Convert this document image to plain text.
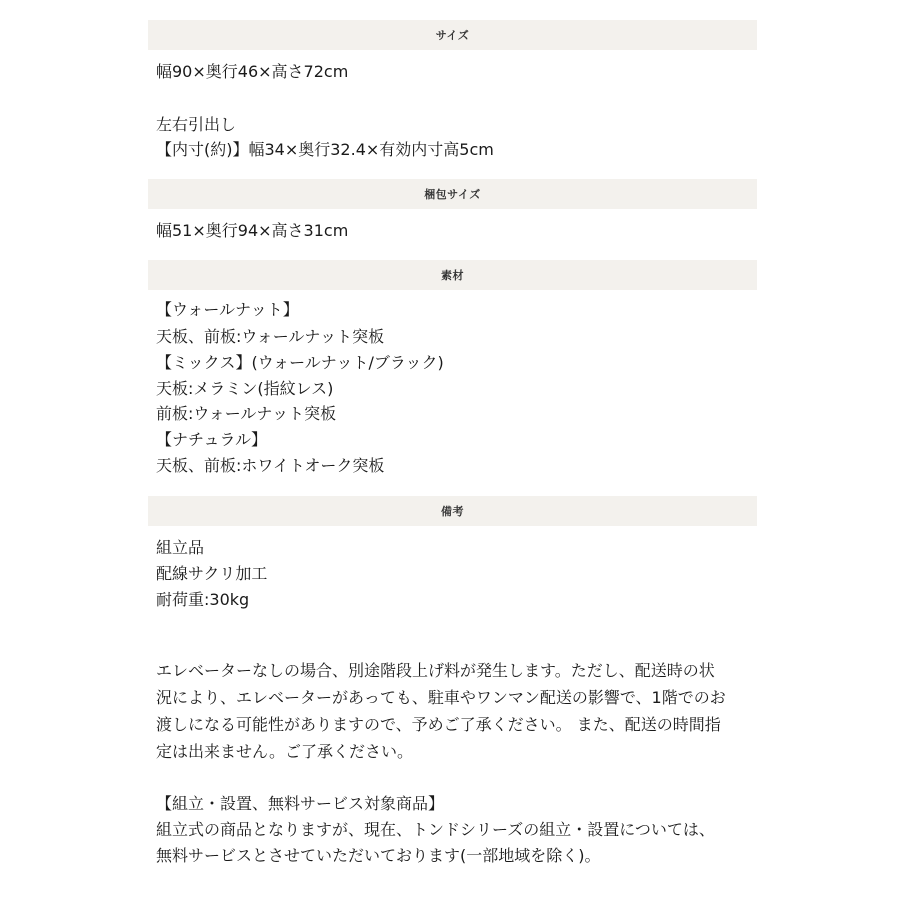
サイズ
幅90×奥行46×高さ72cm
左右引出し
【内寸(約)】幅34×奥行32.4×有効内寸高5cm
梱包サイズ
幅51×奥行94×高さ31cm
素材
【ウォールナット】
天板、前板:ウォールナット突板
【ミックス】(ウォールナット/ブラック)
天板:メラミン(指紋レス)
前板:ウォールナット突板
【ナチュラル】
天板、前板:ホワイトオーク突板
備考
組立品
配線サクリ加工
耐荷重:30kg
エレベーターなしの場合、別途階段上げ料が発生します。ただし、配送時の状
況により、エレベーターがあっても、駐車やワンマン配送の影響で、1階でのお
渡しになる可能性がありますので、予めご了承ください。 また、配送の時間指
定は出来ません。ご了承ください。
【組立・設置、無料サービス対象商品】
組立式の商品となりますが、現在、トンドシリーズの組立・設置については、
無料サービスとさせていただいております(一部地域を除く)。
